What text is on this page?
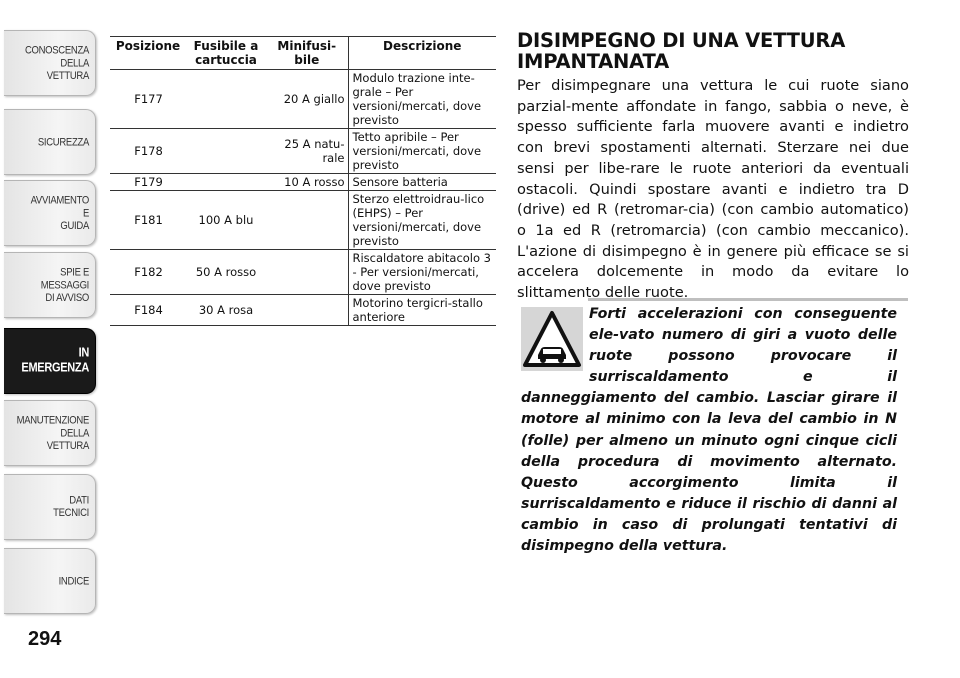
CONOSCENZA
DELLA
VETTURA
SICUREZZA
AVVIAMENTO
E
GUIDA
SPIE E
MESSAGGI
DI AVVISO
IN
EMERGENZA
MANUTENZIONE
DELLA
VETTURA
DATI
TECNICI
INDICE
294
Posizione	Fusibile a cartuccia	Minifusi-bile	Descrizione
F177		20 A giallo	Modulo trazione inte-grale – Per versioni/mercati, dove previsto
F178		25 A natu-rale	Tetto apribile – Per versioni/mercati, dove previsto
F179		10 A rosso	Sensore batteria
F181	100 A blu		Sterzo elettroidrau-lico (EHPS) – Per versioni/mercati, dove previsto
F182	50 A rosso		Riscaldatore abitacolo 3 - Per versioni/mercati, dove previsto
F184	30 A rosa		Motorino tergicri-stallo anteriore
DISIMPEGNO DI UNA VETTURA IMPANTANATA

Per disimpegnare una vettura le cui ruote siano parzial-mente affondate in fango, sabbia o neve, è spesso sufficiente farla muovere avanti e indietro con brevi spostamenti alternati. Sterzare nei due sensi per libe-rare le ruote anteriori da eventuali ostacoli. Quindi spostare avanti e indietro tra D (drive) ed R (retromar-cia) (con cambio automatico) o 1a ed R (retromarcia) (con cambio meccanico). L'azione di disimpegno è in genere più efficace se si accelera dolcemente in modo da evitare lo slittamento delle ruote.

Forti accelerazioni con conseguente ele-vato numero di giri a vuoto delle ruote possono provocare il surriscaldamento e il danneggiamento del cambio. Lasciar girare il motore al minimo con la leva del cambio in N (folle) per almeno un minuto ogni cinque cicli della procedura di movimento alternato. Questo accorgimento limita il surriscaldamento e riduce il rischio di danni al cambio in caso di prolungati tentativi di disimpegno della vettura.
